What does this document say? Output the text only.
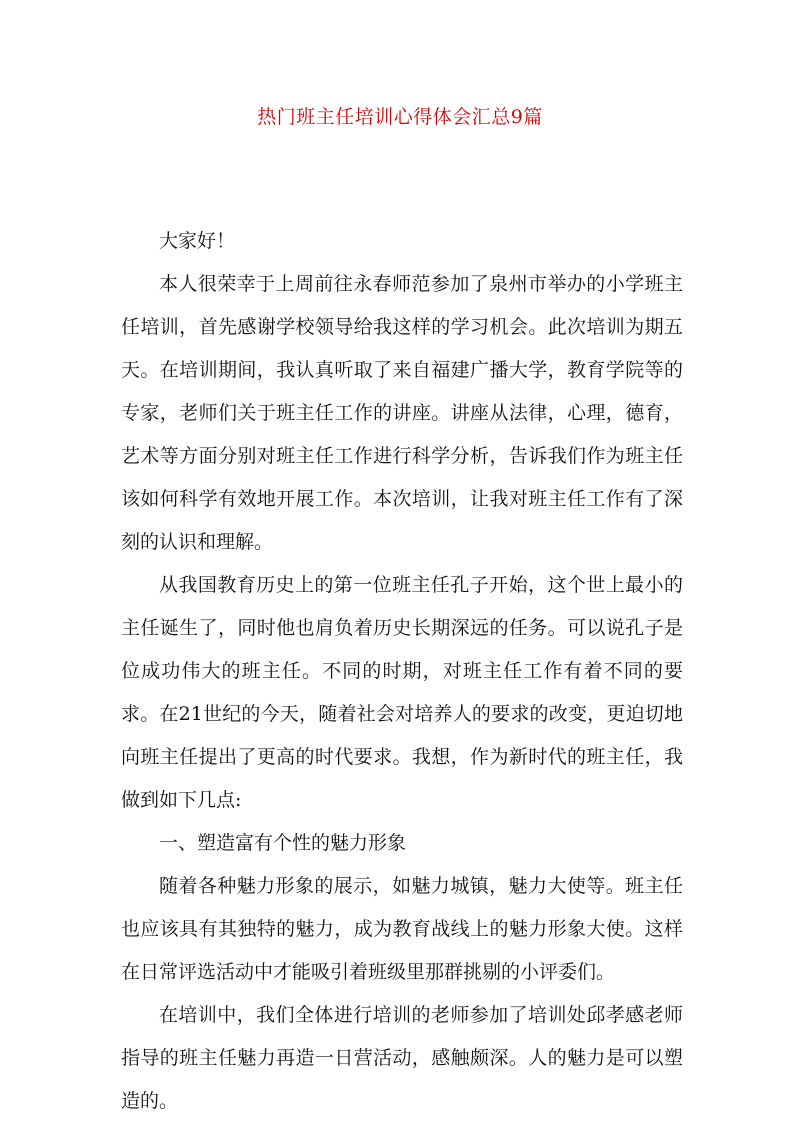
热门班主任培训心得体会汇总9篇

大家好！

本人很荣幸于上周前往永春师范参加了泉州市举办的小学班主任培训，首先感谢学校领导给我这样的学习机会。此次培训为期五天。在培训期间，我认真听取了来自福建广播大学，教育学院等的专家，老师们关于班主任工作的讲座。讲座从法律，心理，德育，艺术等方面分别对班主任工作进行科学分析，告诉我们作为班主任该如何科学有效地开展工作。本次培训，让我对班主任工作有了深刻的认识和理解。

从我国教育历史上的第一位班主任孔子开始，这个世上最小的主任诞生了，同时他也肩负着历史长期深远的任务。可以说孔子是位成功伟大的班主任。不同的时期，对班主任工作有着不同的要求。在21世纪的今天，随着社会对培养人的要求的改变，更迫切地向班主任提出了更高的时代要求。我想，作为新时代的班主任，我做到如下几点:

一、塑造富有个性的魅力形象

随着各种魅力形象的展示，如魅力城镇，魅力大使等。班主任也应该具有其独特的魅力，成为教育战线上的魅力形象大使。这样在日常评选活动中才能吸引着班级里那群挑剔的小评委们。

在培训中，我们全体进行培训的老师参加了培训处邱孝感老师指导的班主任魅力再造一日营活动，感触颇深。人的魅力是可以塑造的。
